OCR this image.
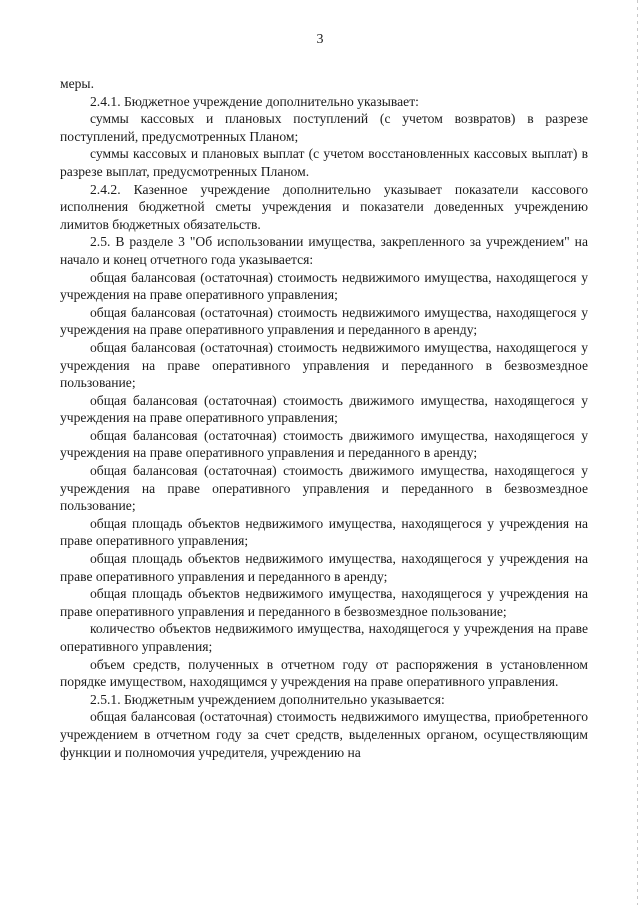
3

меры.

2.4.1. Бюджетное учреждение дополнительно указывает:

суммы кассовых и плановых поступлений (с учетом возвратов) в разрезе поступлений, предусмотренных Планом;

суммы кассовых и плановых выплат (с учетом восстановленных кассовых выплат) в разрезе выплат, предусмотренных Планом.

2.4.2. Казенное учреждение дополнительно указывает показатели кассового исполнения бюджетной сметы учреждения и показатели доведенных учреждению лимитов бюджетных обязательств.

2.5. В разделе 3 "Об использовании имущества, закрепленного за учреждением" на начало и конец отчетного года указывается:

общая балансовая (остаточная) стоимость недвижимого имущества, находящегося у учреждения на праве оперативного управления;

общая балансовая (остаточная) стоимость недвижимого имущества, находящегося у учреждения на праве оперативного управления и переданного в аренду;

общая балансовая (остаточная) стоимость недвижимого имущества, находящегося у учреждения на праве оперативного управления и переданного в безвозмездное пользование;

общая балансовая (остаточная) стоимость движимого имущества, находящегося у учреждения на праве оперативного управления;

общая балансовая (остаточная) стоимость движимого имущества, находящегося у учреждения на праве оперативного управления и переданного в аренду;

общая балансовая (остаточная) стоимость движимого имущества, находящегося у учреждения на праве оперативного управления и переданного в безвозмездное пользование;

общая площадь объектов недвижимого имущества, находящегося у учреждения на праве оперативного управления;

общая площадь объектов недвижимого имущества, находящегося у учреждения на праве оперативного управления и переданного в аренду;

общая площадь объектов недвижимого имущества, находящегося у учреждения на праве оперативного управления и переданного в безвозмездное пользование;

количество объектов недвижимого имущества, находящегося у учреждения на праве оперативного управления;

объем средств, полученных в отчетном году от распоряжения в установленном порядке имуществом, находящимся у учреждения на праве оперативного управления.

2.5.1. Бюджетным учреждением дополнительно указывается:

общая балансовая (остаточная) стоимость недвижимого имущества, приобретенного учреждением в отчетном году за счет средств, выделенных органом, осуществляющим функции и полномочия учредителя, учреждению на
